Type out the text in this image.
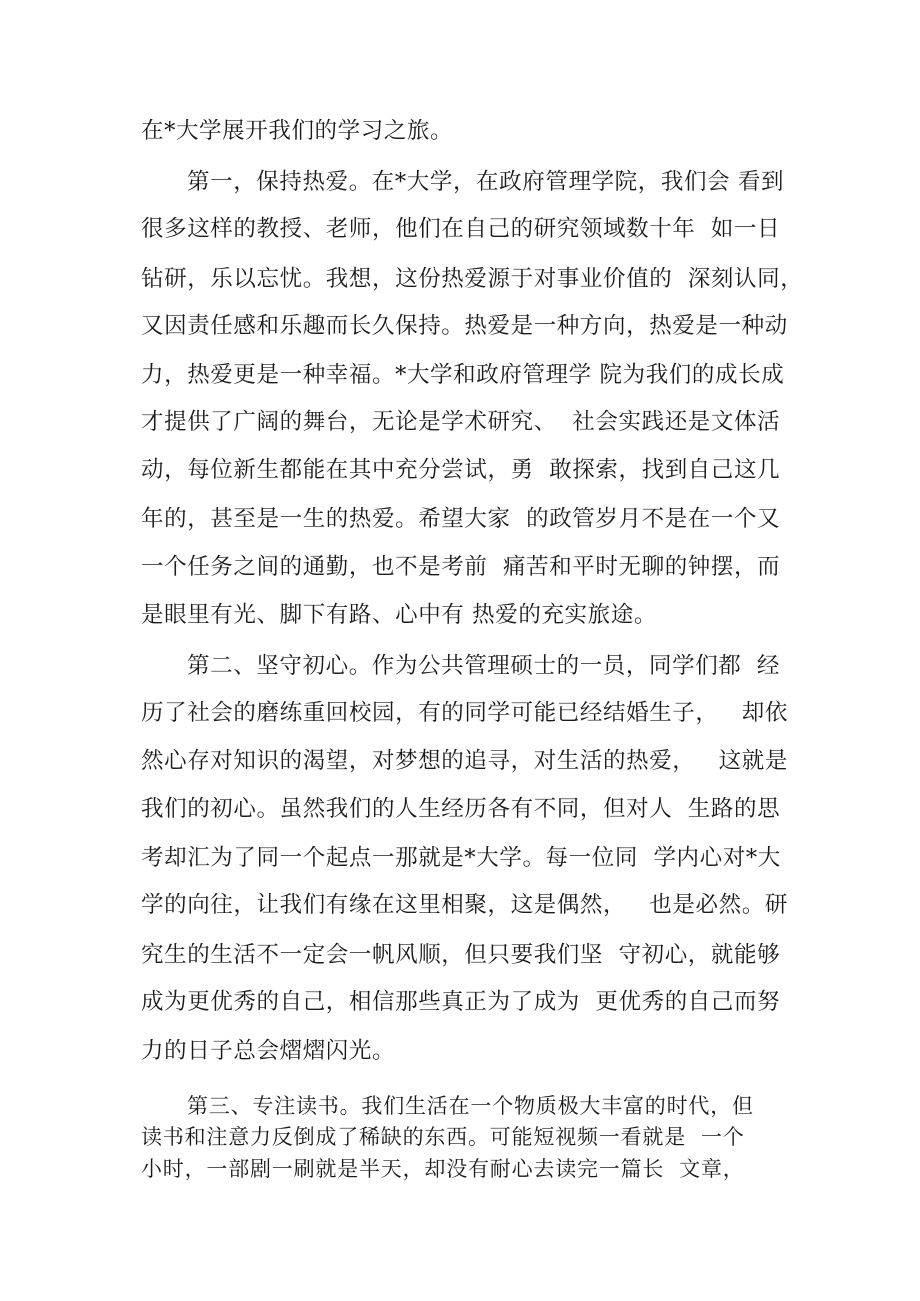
在*大学展开我们的学习之旅。

第一，保持热爱。在*大学，在政府管理学院，我们会 看到

很多这样的教授、老师，他们在自己的研究领域数十年  如一日

钻研，乐以忘忧。我想，这份热爱源于对事业价值的  深刻认同，

又因责任感和乐趣而长久保持。热爱是一种方向，热爱是一种动

力，热爱更是一种幸福。*大学和政府管理学 院为我们的成长成

才提供了广阔的舞台，无论是学术研究、  社会实践还是文体活

动，每位新生都能在其中充分尝试，勇  敢探索，找到自己这几

年的，甚至是一生的热爱。希望大家  的政管岁月不是在一个又

一个任务之间的通勤，也不是考前  痛苦和平时无聊的钟摆，而

是眼里有光、脚下有路、心中有 热爱的充实旅途。

第二、坚守初心。作为公共管理硕士的一员，同学们都  经

历了社会的磨练重回校园，有的同学可能已经结婚生子，   却依

然心存对知识的渴望，对梦想的追寻，对生活的热爱，   这就是

我们的初心。虽然我们的人生经历各有不同，但对人  生路的思

考却汇为了同一个起点一那就是*大学。每一位同  学内心对*大

学的向往，让我们有缘在这里相聚，这是偶然，   也是必然。研

究生的生活不一定会一帆风顺，但只要我们坚  守初心，就能够

成为更优秀的自己，相信那些真正为了成为  更优秀的自己而努

力的日子总会熠熠闪光。

第三、专注读书。我们生活在一个物质极大丰富的时代，但

读书和注意力反倒成了稀缺的东西。可能短视频一看就是  一个

小时，一部剧一刷就是半天，却没有耐心去读完一篇长  文章，
